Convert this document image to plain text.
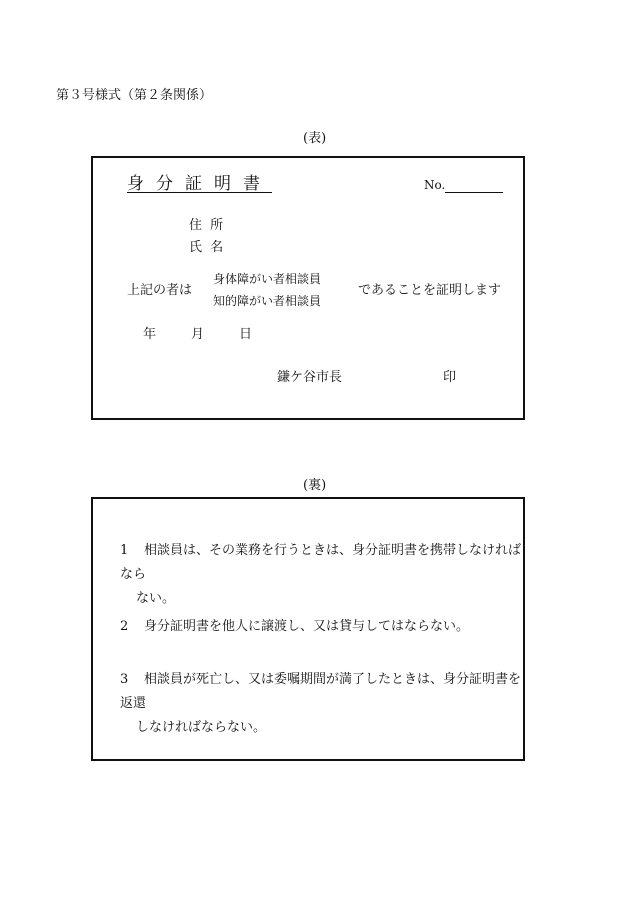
第３号様式（第２条関係）
(表)
身分証明書	No.
住 所
氏 名
上記の者は
身体障がい者相談員
知的障がい者相談員
であることを証明します
年	月	日
鎌ケ谷市長	印
(裏)
1 相談員は、その業務を行うときは、身分証明書を携帯しなければなら
ない。
2 身分証明書を他人に譲渡し、又は貸与してはならない。
3 相談員が死亡し、又は委嘱期間が満了したときは、身分証明書を返還
しなければならない。
